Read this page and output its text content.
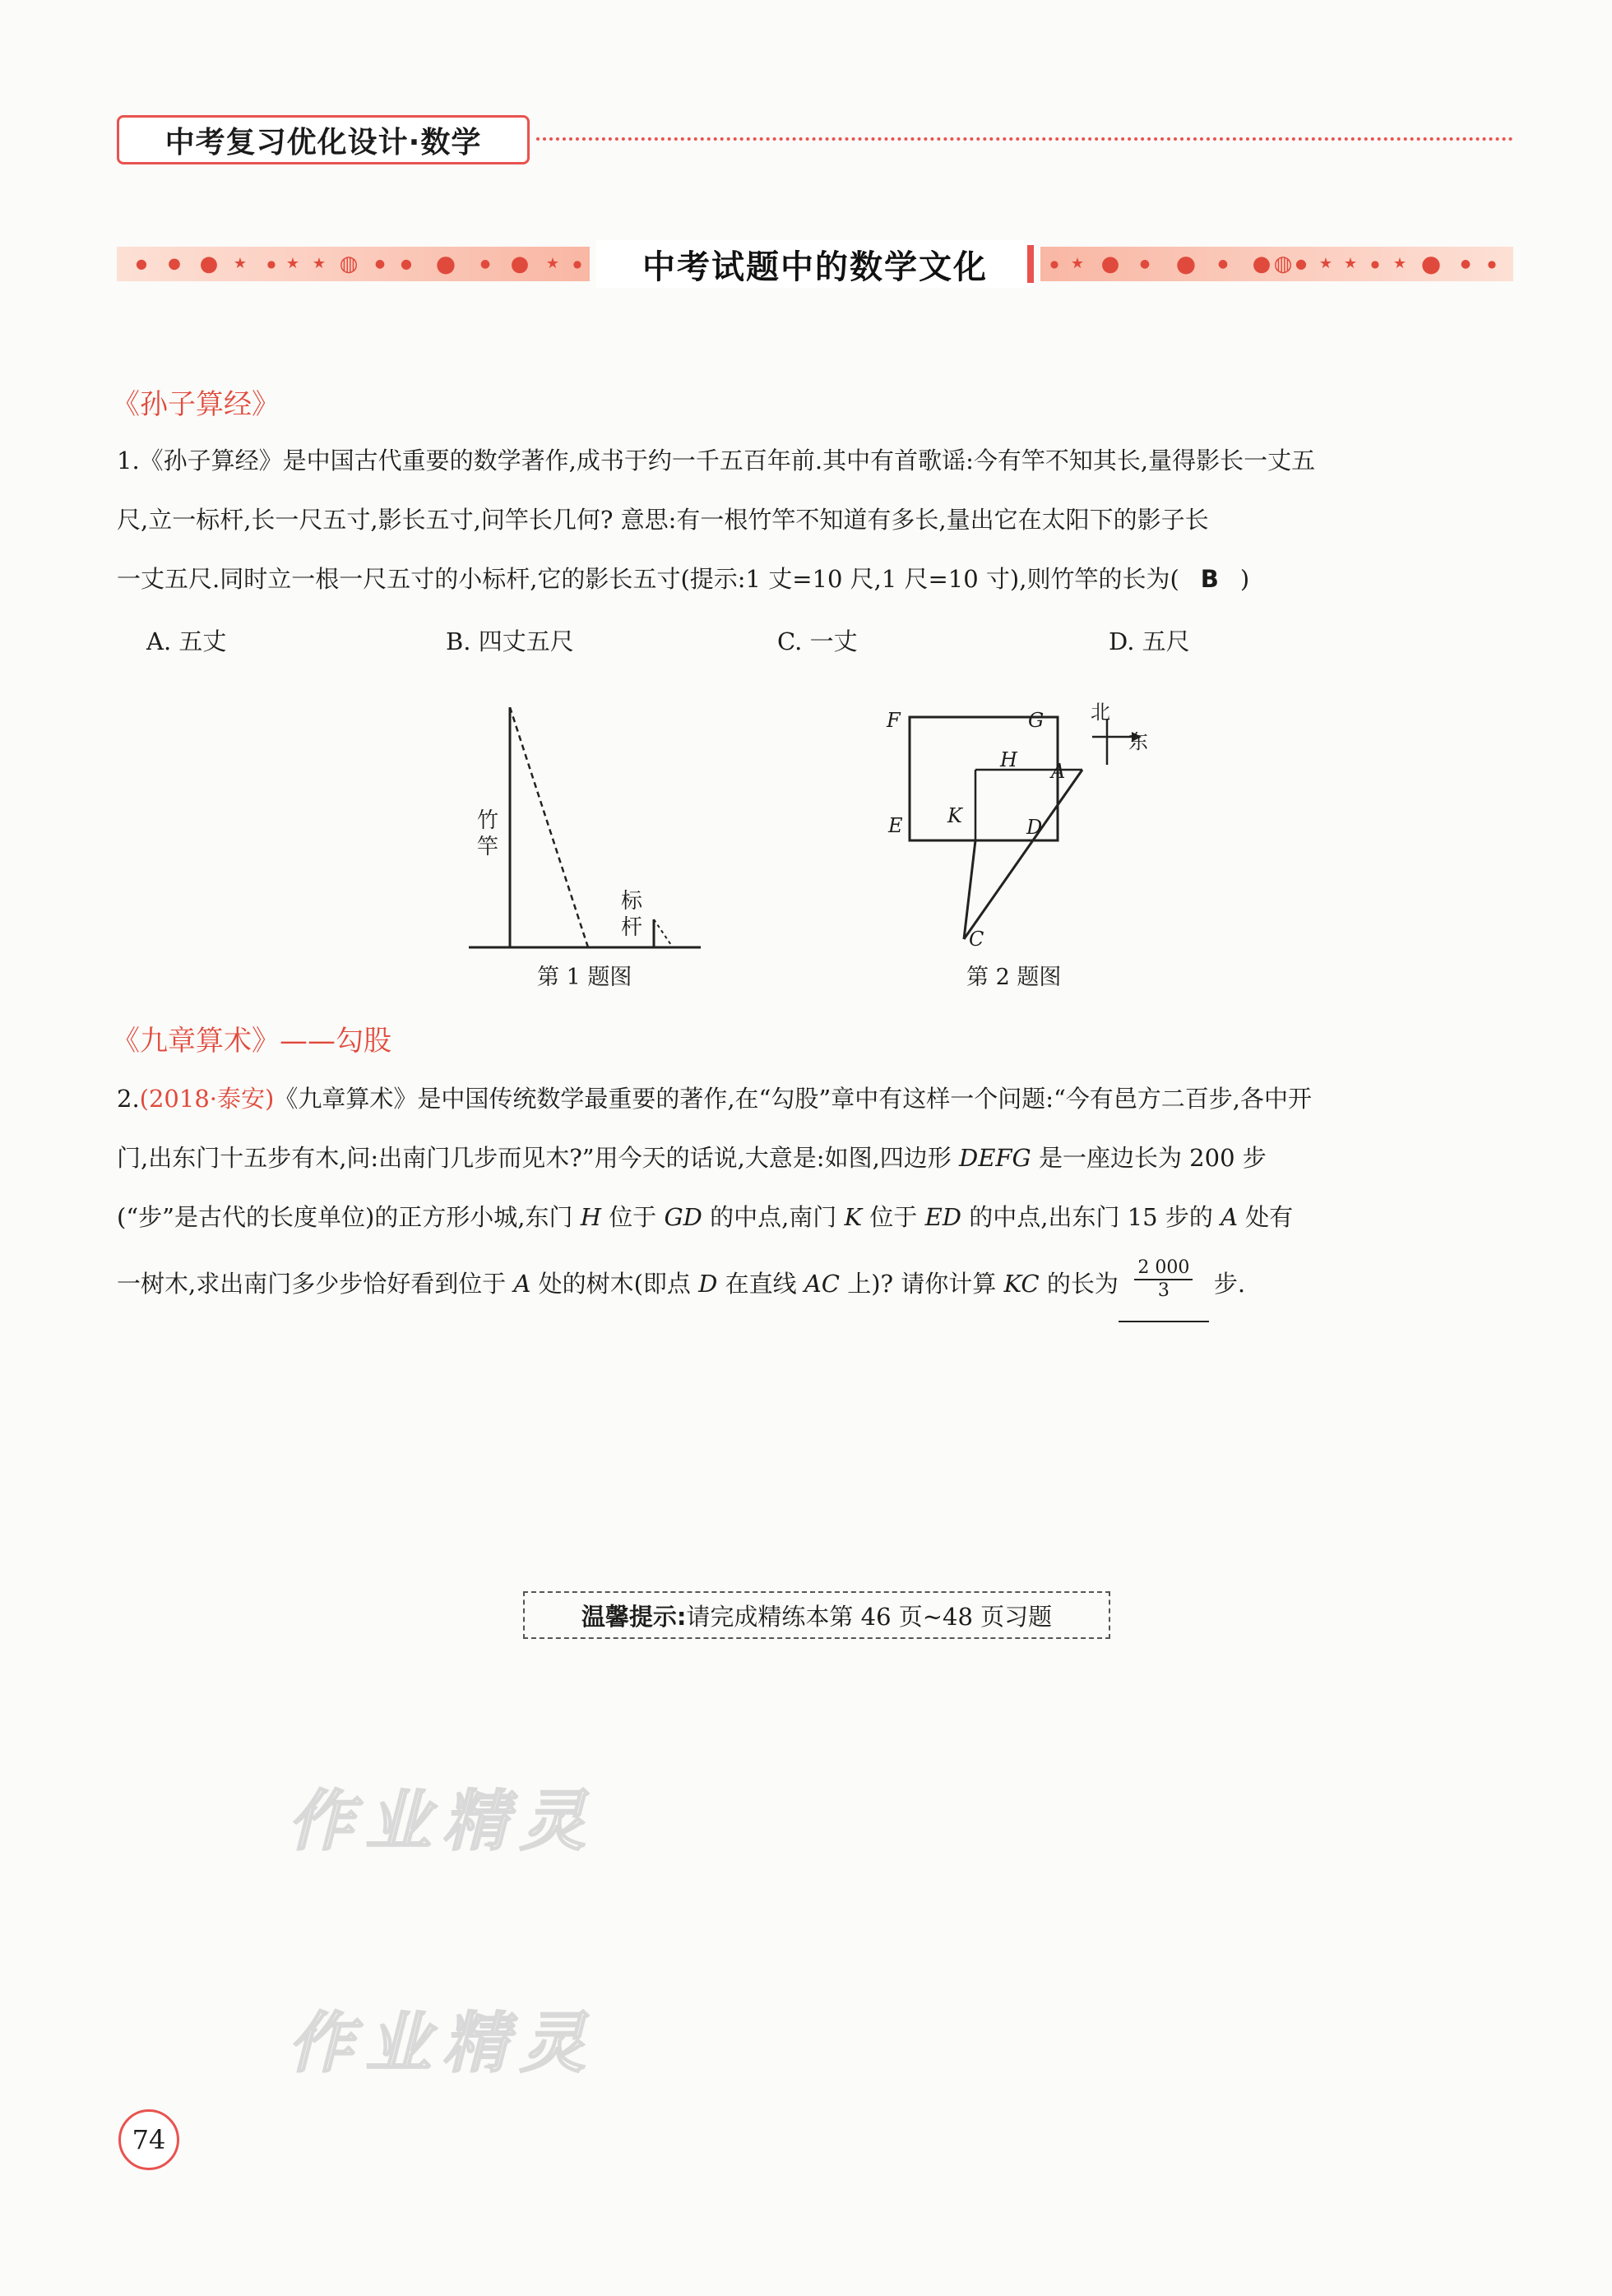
中考复习优化设计·数学
● ● ● ★ ● ★ ★ ◍ ● ● ● ● ● ★ ● 中考试题中的数学文化	● ★ ● ● ● ● ● ●
◍ ★ ★ ● ★ ● ● ●
《孙子算经》
1.《孙子算经》是中国古代重要的数学著作,成书于约一千五百年前.其中有首歌谣:今有竿不知其长,量得影长一丈五
尺,立一标杆,长一尺五寸,影长五寸,问竿长几何? 意思:有一根竹竿不知道有多长,量出它在太阳下的影子长
一丈五尺.同时立一根一尺五寸的小标杆,它的影长五寸(提示:1 丈=10 尺,1 尺=10 寸),则竹竿的长为( B )
A. 五丈	B. 四丈五尺	C. 一丈	D. 五尺
竹
竿
标
杆
第 1 题图
F	G
H A
E K	D
C
北
东
第 2 题图
《九章算术》——勾股
2.(2018·泰安)《九章算术》是中国传统数学最重要的著作,在“勾股”章中有这样一个问题:“今有邑方二百步,各中开
门,出东门十五步有木,问:出南门几步而见木?”用今天的话说,大意是:如图,四边形 DEFG 是一座边长为 200 步
(“步”是古代的长度单位)的正方形小城,东门 H 位于 GD 的中点,南门 K 位于 ED 的中点,出东门 15 步的 A 处有
一树木,求出南门多少步恰好看到位于 A 处的树木(即点 D 在直线 AC 上)? 请你计算 KC 的长为 $\frac{2 000}{3}$ 步.
温馨提示: 请完成精练本第 46 页~48 页习题
作业精灵
作业精灵
74
